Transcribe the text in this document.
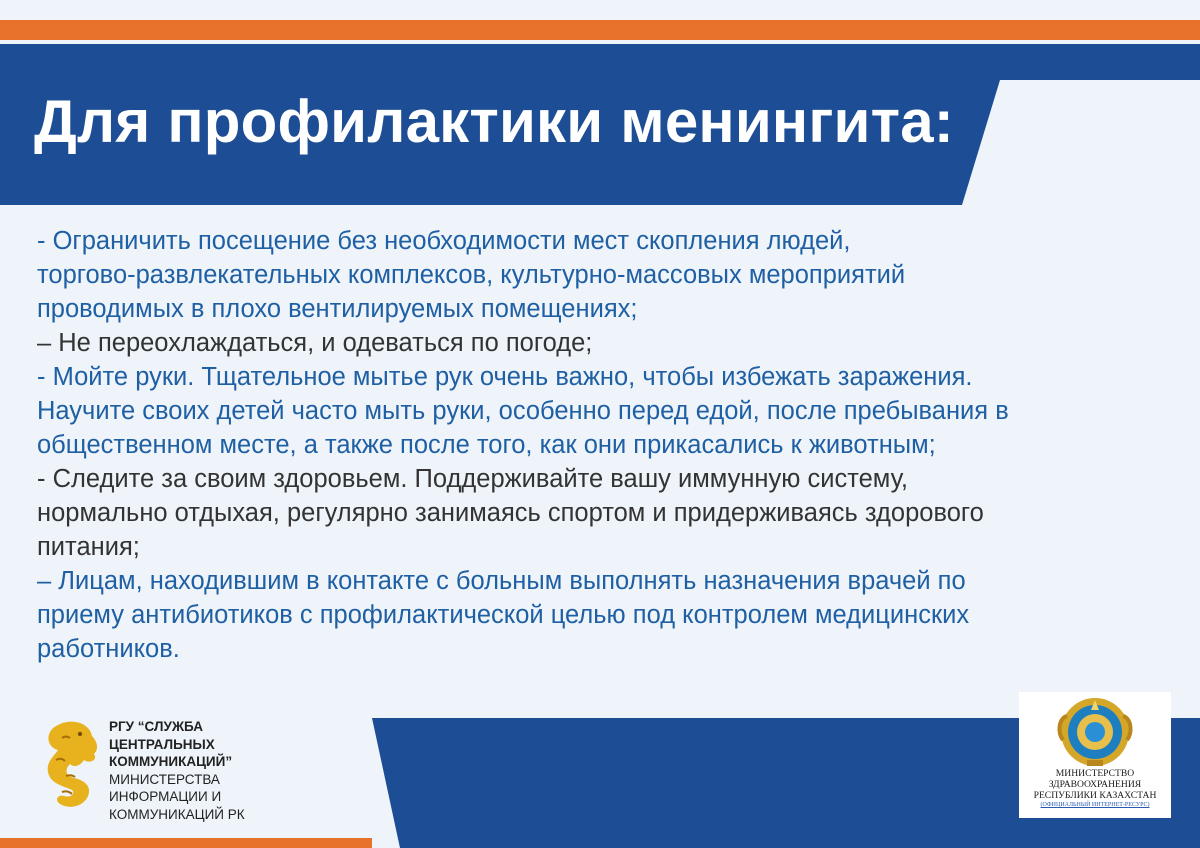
Для профилактики менингита:

- Ограничить посещение без необходимости мест скопления людей,
торгово-развлекательных комплексов, культурно-массовых мероприятий
проводимых в плохо вентилируемых помещениях;

– Не переохлаждаться, и одеваться по погоде;

- Мойте руки. Тщательное мытье рук очень важно, чтобы избежать заражения.
Научите своих детей часто мыть руки, особенно перед едой, после пребывания в
общественном месте, а также после того, как они прикасались к животным;

- Следите за своим здоровьем. Поддерживайте вашу иммунную систему,
нормально отдыхая, регулярно занимаясь спортом и придерживаясь здорового
питания;

– Лицам, находившим в контакте с больным выполнять назначения врачей по
приему антибиотиков с профилактической целью под контролем медицинских
работников.

РГУ “СЛУЖБА
ЦЕНТРАЛЬНЫХ
КОММУНИКАЦИЙ”
МИНИСТЕРСТВА
ИНФОРМАЦИИ И
КОММУНИКАЦИЙ РК
МИНИСТЕРСТВО
ЗДРАВООХРАНЕНИЯ
РЕСПУБЛИКИ КАЗАХСТАН
(ОФИЦИАЛЬНЫЙ ИНТЕРНЕТ-РЕСУРС)
